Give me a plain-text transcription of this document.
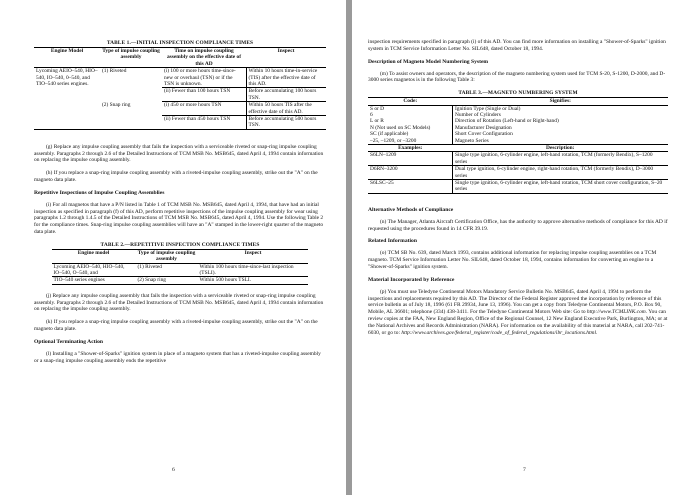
TABLE 1.—INITIAL INSPECTION COMPLIANCE TIMES
Engine Model	Type of impulse coupling assembly	Time on impulse coupling assembly on the effective date of this AD	Inspect
Lycoming AEIO–540, HIO–540, IO–540, 0–540, and TIO–540 series engines.	(1) Riveted	(i) 100 or more hours time-since-new or overhaul (TSN) or if the TSN is unknown.	Within 10 hours time-in-service (TIS) after the effective date of this AD.
		(ii) Fewer than 100 hours TSN	Before accumulating 100 hours TSN.
	(2) Snap ring	(i) 450 or more hours TSN	Within 50 hours TIS after the effective date of this AD.
		(ii) Fewer than 450 hours TSN	Before accumulating 500 hours TSN.

(g) Replace any impulse coupling assembly that fails the inspection with a serviceable riveted or snap-ring impulse coupling assembly. Paragraphs 2 through 2.6 of the Detailed Instructions of TCM MSB No. MSB645, dated April 4, 1994 contain information on replacing the impulse coupling assembly.

(h) If you replace a snap-ring impulse coupling assembly with a riveted-impulse coupling assembly, strike out the "A" on the magneto data plate.

Repetitive Inspections of Impulse Coupling Assemblies

(i) For all magnetos that have a P/N listed in Table 1 of TCM MSB No. MSB645, dated April 4, 1994, that have had an initial inspection as specified in paragraph (f) of this AD, perform repetitive inspections of the impulse coupling assembly for wear using paragraphs 1.2 through 1.4.5 of the Detailed Instructions of TCM MSB No. MSB645, dated April 4, 1994. Use the following Table 2 for the compliance times. Snap-ring impulse coupling assemblies will have an "A" stamped in the lower-right quarter of the magneto data plate.

TABLE 2.—REPETITIVE INSPECTION COMPLIANCE TIMES
Engine model	Type of impulse coupling assembly	Inspect
Lycoming AEIO–540, HIO–540, IO–540, O–540, and	(1) Riveted	Within 100 hours time-since-last inspection (TSLI).
TIO–540 series engines	(2) Snap ring	Within 500 hours TSLI.

(j) Replace any impulse coupling assembly that fails the inspection with a serviceable riveted or snap-ring impulse coupling assembly. Paragraphs 2 through 2.6 of the Detailed Instructions of TCM MSB No. MSB645, dated April 4, 1994 contain information on replacing the impulse coupling assembly.

(k) If you replace a snap-ring impulse coupling assembly with a riveted-impulse coupling assembly, strike out the "A" on the magneto data plate.

Optional Terminating Action

(l) Installing a "Shower-of-Sparks" ignition system in place of a magneto system that has a riveted-impulse coupling assembly or a snap-ring impulse coupling assembly ends the repetitive

6

inspection requirements specified in paragraph (i) of this AD. You can find more information on installing a "Shower-of-Sparks" ignition system in TCM Service Information Letter No. SIL648, dated October 18, 1994.

Description of Magneto Model Numbering System

(m) To assist owners and operators, the description of the magneto numbering system used for TCM S-20, S-1200, D-2000, and D-3000 series magnetos is in the following Table 3:

TABLE 3.—MAGNETO NUMBERING SYSTEM
Code:	Signifies:
S or D	Ignition Type (Single or Dual)
6	Number of Cylinders
L or R	Direction of Rotation (Left-hand or Right-hand)
N (Not used on SC Models)	Manufacturer Designation
SC (if applicable)	Short Cover Configuration
–25, –1209, or –3200	Magneto Series
Examples:	Description:
S6LN–1209	Single type ignition, 6-cylinder engine, left-hand rotation, TCM (formerly Bendix), S–1200 series
D6RN–3200	Dual type ignition, 6-cylinder engine, right-hand rotation, TCM (formerly Bendix), D–3000 series
S6LSC–25	Single type ignition, 6-cylinder engine, left-hand rotation, TCM short cover configuration, S–20 series
Alternative Methods of Compliance

(n) The Manager, Atlanta Aircraft Certification Office, has the authority to approve alternative methods of compliance for this AD if requested using the procedures found in 14 CFR 39.19.

Related Information

(o) TCM SB No. 639, dated March 1993, contains additional information for replacing impulse coupling assemblies on a TCM magneto. TCM Service Information Letter No. SIL648, dated October 18, 1994, contains information for converting an engine to a "Shower-of-Sparks" ignition system.

Material Incorporated by Reference

(p) You must use Teledyne Continental Motors Mandatory Service Bulletin No. MSB645, dated April 4, 1994 to perform the inspections and replacements required by this AD. The Director of the Federal Register approved the incorporation by reference of this service bulletin as of July 18, 1996 (61 FR 29934, June 13, 1996). You can get a copy from Teledyne Continental Motors, P.O. Box 90, Mobile, AL 36601; telephone (334) 438-3411. For the Teledyne Continental Motors Web site: Go to http://www.TCMLINK.com. You can review copies at the FAA, New England Region, Office of the Regional Counsel, 12 New England Executive Park, Burlington, MA; or at the National Archives and Records Administration (NARA). For information on the availability of this material at NARA, call 202-741-6030, or go to: http://www.archives.gov/federal_register/code_of_federal_regulations/ibr_locations.html.

7
